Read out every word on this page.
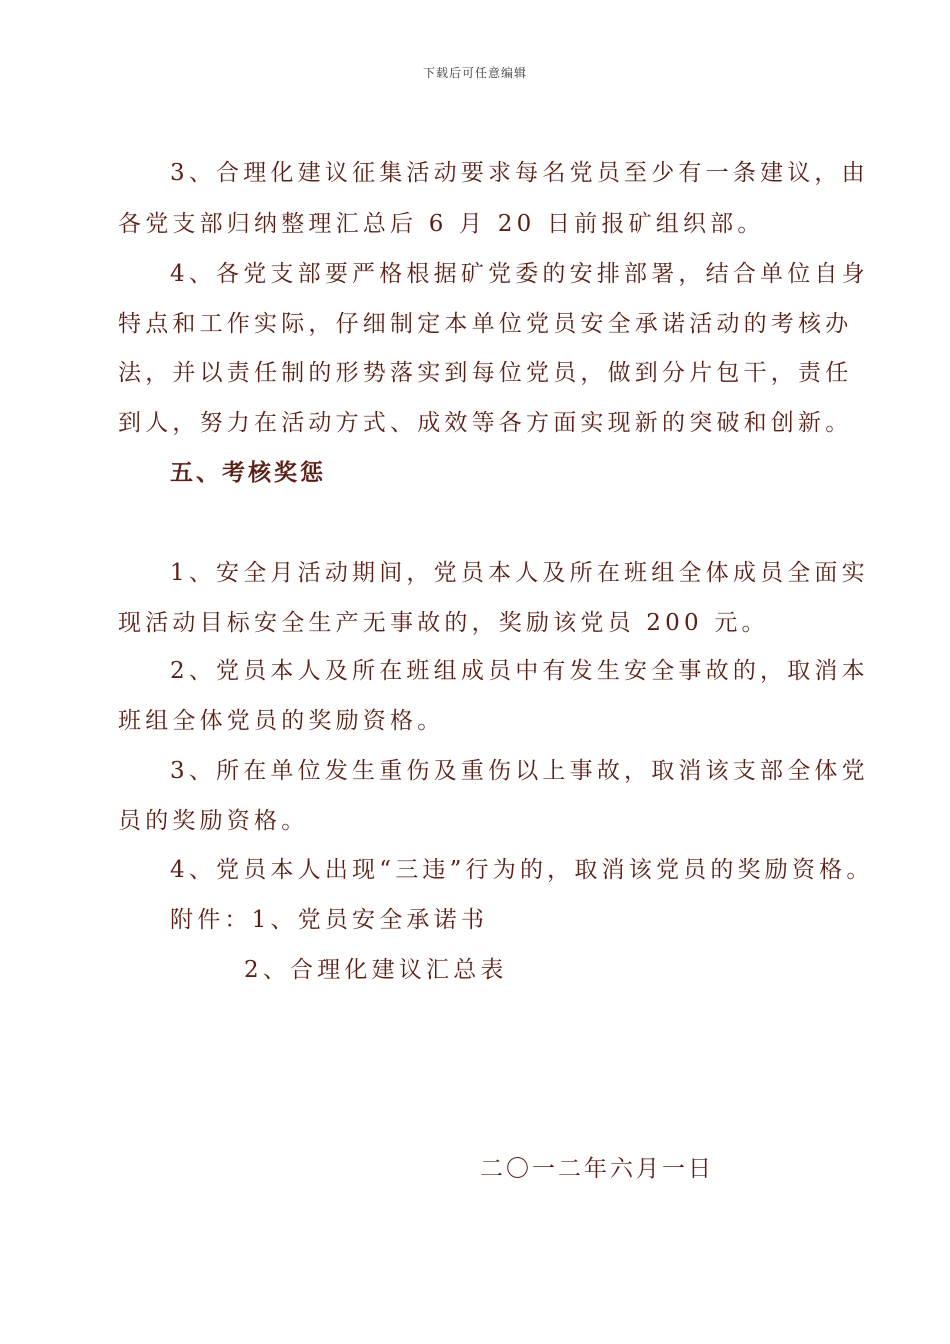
下载后可任意编辑
3、合理化建议征集活动要求每名党员至少有一条建议，由
各党支部归纳整理汇总后 6 月 20 日前报矿组织部。
4、各党支部要严格根据矿党委的安排部署，结合单位自身
特点和工作实际，仔细制定本单位党员安全承诺活动的考核办
法，并以责任制的形势落实到每位党员，做到分片包干，责任
到人，努力在活动方式、成效等各方面实现新的突破和创新。
五、考核奖惩
1、安全月活动期间，党员本人及所在班组全体成员全面实
现活动目标安全生产无事故的，奖励该党员 200 元。
2、党员本人及所在班组成员中有发生安全事故的，取消本
班组全体党员的奖励资格。
3、所在单位发生重伤及重伤以上事故，取消该支部全体党
员的奖励资格。
4、党员本人出现“三违”行为的，取消该党员的奖励资格。
附件：1、党员安全承诺书
2、合理化建议汇总表
二〇一二年六月一日
